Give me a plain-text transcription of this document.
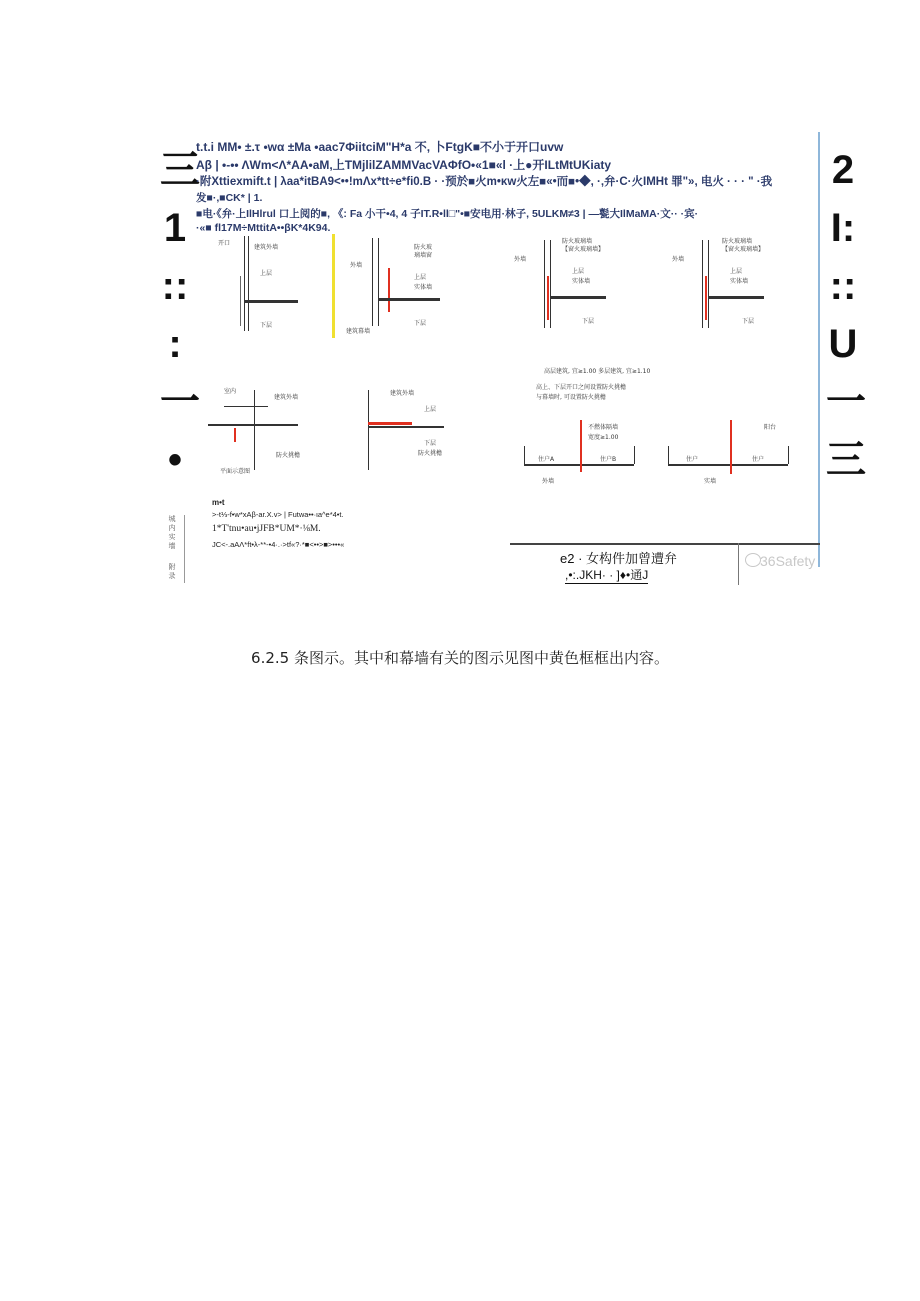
三
1
::
:
一
•
2
I:
::
U
一
三
t.t.i MM• ±.τ •wα ±Ma •aac7ΦiitciM"H*a 不, 卜FtgK■不小于开口uvw
Aβ | •-•• ΛWm<Λ*AA•aM,上TMjlilZAMMVacVAΦfO•«1■«l ·上●开ILtMtUKiaty
·附Xttiexmift.t | λaa*itBA9<••!mΛx*tt÷e*fi0.B · ·预於■火m•κw火左■«•而■•◆, ·,弁·C·火IMHt 罪"», 电火 · · · " ·我
发■·,■CK* | 1.
■电·《弁·上IlHlrul 口上阅的■, 《: Fa 小干•4, 4 子IT.R•ll□"•■安电用·林子, 5ULKM≠3 | —甏大IlMaMA·文·· ·宾·
·«■ fl17M÷MttitA••βK*4K94.
开口
建筑外墙
上层
下层
外墙
防火玻
璃墙窗
上层
实体墙
下层
建筑幕墙
防火玻璃墙
【窗火玻璃墙】
外墙
上层
实体墙
下层
防火玻璃墙
【窗火玻璃墙】
外墙
上层
实体墙
下层
室内
建筑外墙
平面示意图
防火挑檐
建筑外墙
上层
下层
防火挑檐
高层建筑, 宜≥1.00 多层建筑, 宜≥1.10
高上、下层开口之间设置防火挑檐
与幕墙时, 可设置防火挑檐
住户A	住户B
不燃体隔墙
宽度≥1.00
阳台
住户
实墙
住户
外墙
m•t
>-t⅓-f•w*xAβ-ar.X.v> | Futwa••·ιa^e*4•t.
1*T'tnu•au•jJFB*UM*·⅛M.
JC<-.aAΛ*ft•λ-**-•4·.·>tf«?·*■<••>■>•••«
城
内
实
墙
附
录
e2 · 女构件加曾遭弁
,•:.JKH· · ]♦•通J
36Safety
6.2.5 条图示。其中和幕墙有关的图示见图中黄色框框出内容。
